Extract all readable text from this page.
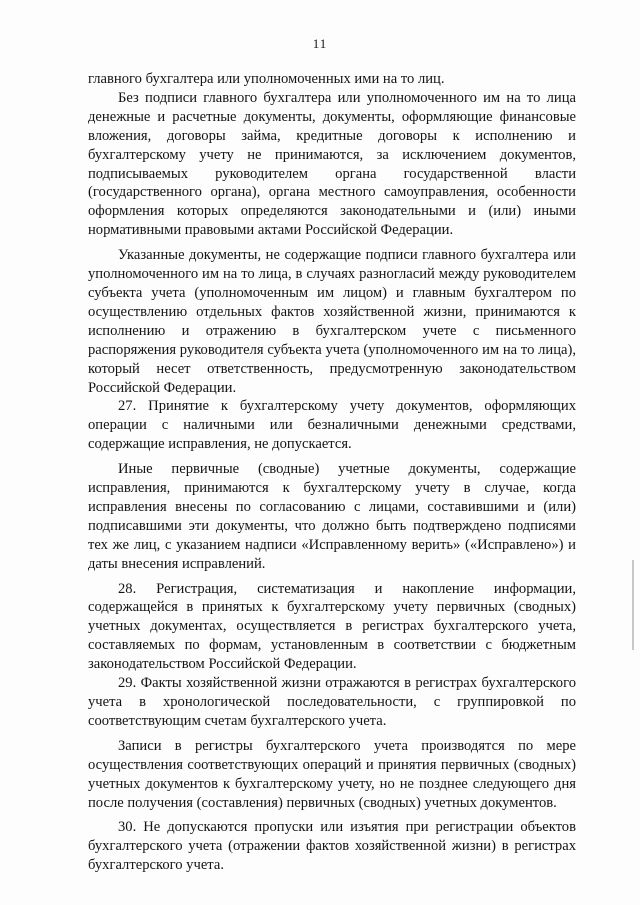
11

главного бухгалтера или уполномоченных ими на то лиц.

Без подписи главного бухгалтера или уполномоченного им на то лица денежные и расчетные документы, документы, оформляющие финансовые вложения, договоры займа, кредитные договоры к исполнению и бухгалтерскому учету не принимаются, за исключением документов, подписываемых руководителем органа государственной власти (государственного органа), органа местного самоуправления, особенности оформления которых определяются законодательными и (или) иными нормативными правовыми актами Российской Федерации.

Указанные документы, не содержащие подписи главного бухгалтера или уполномоченного им на то лица, в случаях разногласий между руководителем субъекта учета (уполномоченным им лицом) и главным бухгалтером по осуществлению отдельных фактов хозяйственной жизни, принимаются к исполнению и отражению в бухгалтерском учете с письменного распоряжения руководителя субъекта учета (уполномоченного им на то лица), который несет ответственность, предусмотренную законодательством Российской Федерации.

27. Принятие к бухгалтерскому учету документов, оформляющих операции с наличными или безналичными денежными средствами, содержащие исправления, не допускается.

Иные первичные (сводные) учетные документы, содержащие исправления, принимаются к бухгалтерскому учету в случае, когда исправления внесены по согласованию с лицами, составившими и (или) подписавшими эти документы, что должно быть подтверждено подписями тех же лиц, с указанием надписи «Исправленному верить» («Исправлено») и даты внесения исправлений.

28. Регистрация, систематизация и накопление информации, содержащейся в принятых к бухгалтерскому учету первичных (сводных) учетных документах, осуществляется в регистрах бухгалтерского учета, составляемых по формам, установленным в соответствии с бюджетным законодательством Российской Федерации.

29. Факты хозяйственной жизни отражаются в регистрах бухгалтерского учета в хронологической последовательности, с группировкой по соответствующим счетам бухгалтерского учета.

Записи в регистры бухгалтерского учета производятся по мере осуществления соответствующих операций и принятия первичных (сводных) учетных документов к бухгалтерскому учету, но не позднее следующего дня после получения (составления) первичных (сводных) учетных документов.

30. Не допускаются пропуски или изъятия при регистрации объектов бухгалтерского учета (отражении фактов хозяйственной жизни) в регистрах бухгалтерского учета.
